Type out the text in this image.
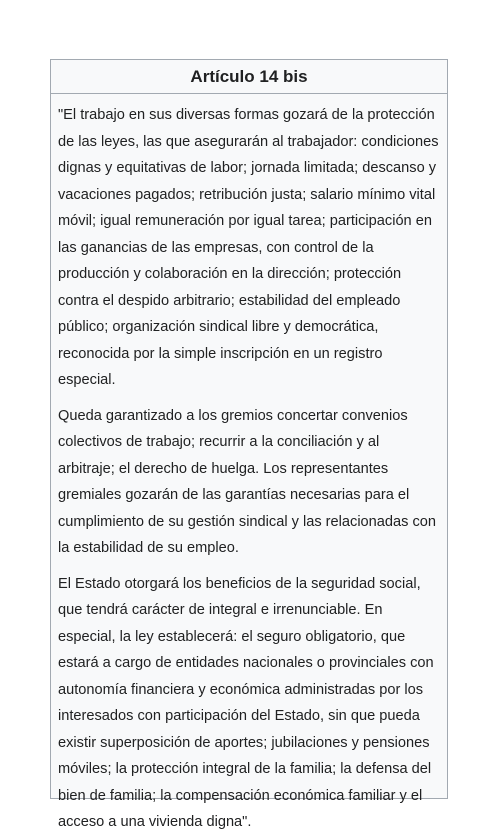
Artículo 14 bis

"El trabajo en sus diversas formas gozará de la protección de las leyes, las que asegurarán al trabajador: condiciones dignas y equitativas de labor; jornada limitada; descanso y vacaciones pagados; retribución justa; salario mínimo vital móvil; igual remuneración por igual tarea; participación en las ganancias de las empresas, con control de la producción y colaboración en la dirección; protección contra el despido arbitrario; estabilidad del empleado público; organización sindical libre y democrática, reconocida por la simple inscripción en un registro especial.

Queda garantizado a los gremios concertar convenios colectivos de trabajo; recurrir a la conciliación y al arbitraje; el derecho de huelga. Los representantes gremiales gozarán de las garantías necesarias para el cumplimiento de su gestión sindical y las relacionadas con la estabilidad de su empleo.

El Estado otorgará los beneficios de la seguridad social, que tendrá carácter de integral e irrenunciable. En especial, la ley establecerá: el seguro obligatorio, que estará a cargo de entidades nacionales o provinciales con autonomía financiera y económica administradas por los interesados con participación del Estado, sin que pueda existir superposición de aportes; jubilaciones y pensiones móviles; la protección integral de la familia; la defensa del bien de familia; la compensación económica familiar y el acceso a una vivienda digna".
